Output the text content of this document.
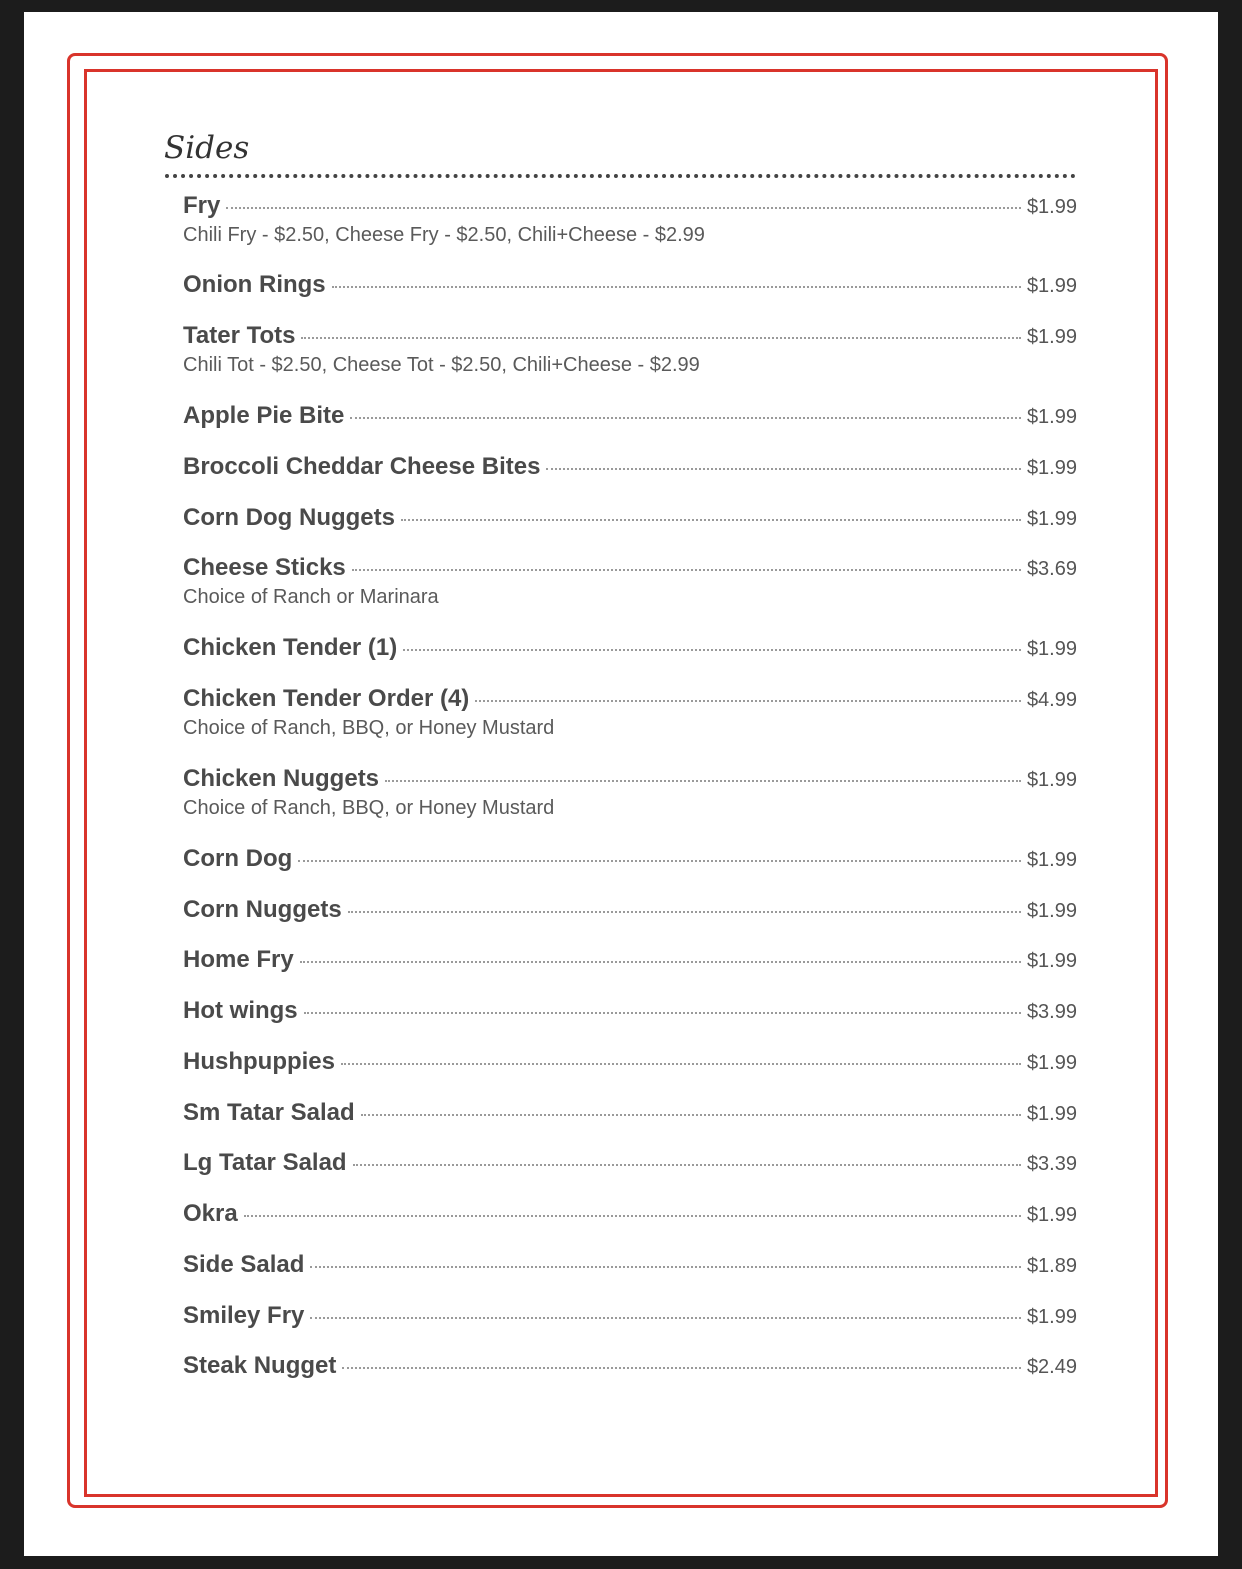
Sides
Fry	$1.99
Chili Fry - $2.50, Cheese Fry - $2.50, Chili+Cheese - $2.99
Onion Rings	$1.99
Tater Tots	$1.99
Chili Tot - $2.50, Cheese Tot - $2.50, Chili+Cheese - $2.99
Apple Pie Bite	$1.99
Broccoli Cheddar Cheese Bites	$1.99
Corn Dog Nuggets	$1.99
Cheese Sticks	$3.69
Choice of Ranch or Marinara
Chicken Tender (1)	$1.99
Chicken Tender Order (4)	$4.99
Choice of Ranch, BBQ, or Honey Mustard
Chicken Nuggets	$1.99
Choice of Ranch, BBQ, or Honey Mustard
Corn Dog	$1.99
Corn Nuggets	$1.99
Home Fry	$1.99
Hot wings	$3.99
Hushpuppies	$1.99
Sm Tatar Salad	$1.99
Lg Tatar Salad	$3.39
Okra	$1.99
Side Salad	$1.89
Smiley Fry	$1.99
Steak Nugget	$2.49
